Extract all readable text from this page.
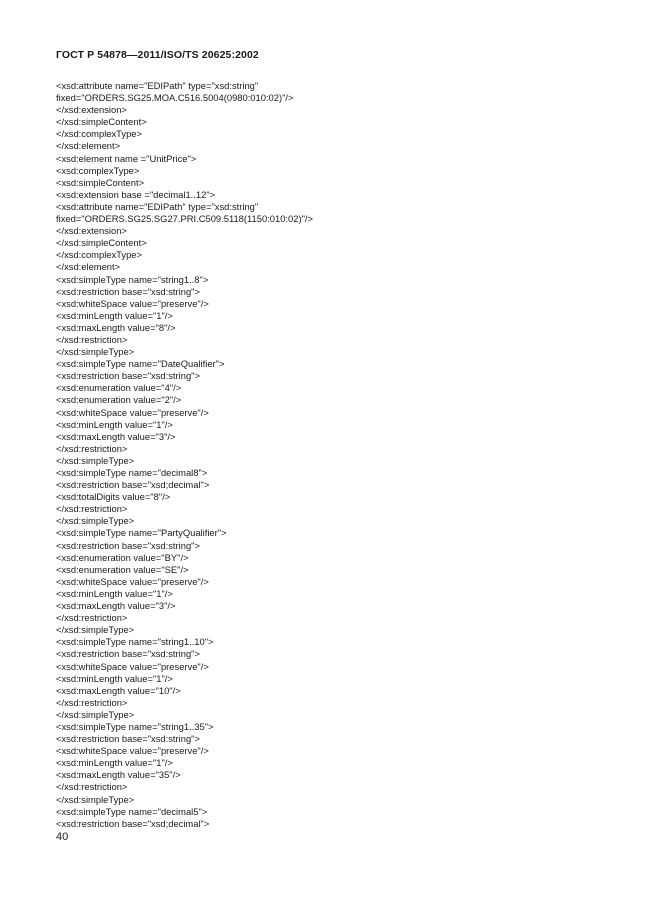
ГОСТ Р 54878—2011/ISO/TS 20625:2002
<xsd:attribute name="EDIPath" type="xsd:string"
fixed="ORDERS.SG25.MOA.C516.5004(0980:010:02)"/>
</xsd:extension>
</xsd:simpleContent>
</xsd:complexType>
</xsd:element>
<xsd:element name ="UnitPrice">
<xsd:complexType>
<xsd:simpleContent>
<xsd:extension base ="decimal1..12">
<xsd:attribute name="EDIPath" type="xsd:string"
fixed="ORDERS.SG25.SG27.PRI.C509.5118(1150:010:02)"/>
</xsd:extension>
</xsd:simpleContent>
</xsd:complexType>
</xsd:element>
<xsd:simpleType name="string1..8">
<xsd:restriction base="xsd:string">
<xsd:whiteSpace value="preserve"/>
<xsd:minLength value="1"/>
<xsd:maxLength value="8"/>
</xsd:restriction>
</xsd:simpleType>
<xsd:simpleType name="DateQualifier">
<xsd:restriction base="xsd:string">
<xsd:enumeration value="4"/>
<xsd:enumeration value="2"/>
<xsd:whiteSpace value="preserve"/>
<xsd:minLength value="1"/>
<xsd:maxLength value="3"/>
</xsd:restriction>
</xsd:simpleType>
<xsd:simpleType name="decimal8">
<xsd:restriction base="xsd;decimal">
<xsd:totalDigits value="8"/>
</xsd:restriction>
</xsd:simpleType>
<xsd:simpleType name="PartyQualifier">
<xsd:restriction base="xsd:string">
<xsd:enumeration value="BY"/>
<xsd:enumeration value="SE"/>
<xsd:whiteSpace value="preserve"/>
<xsd:minLength value="1"/>
<xsd:maxLength value="3"/>
</xsd:restriction>
</xsd:simpleType>
<xsd:simpleType name="string1..10">
<xsd:restriction base="xsd:string">
<xsd:whiteSpace value="preserve"/>
<xsd:minLength value="1"/>
<xsd:maxLength value="10"/>
</xsd:restriction>
</xsd:simpleType>
<xsd:simpleType name="string1..35">
<xsd:restriction base="xsd:string">
<xsd:whiteSpace value="preserve"/>
<xsd:minLength value="1"/>
<xsd:maxLength value="35"/>
</xsd:restriction>
</xsd:simpleType>
<xsd:simpleType name="decimal5">
<xsd:restriction base="xsd;decimal">
40
